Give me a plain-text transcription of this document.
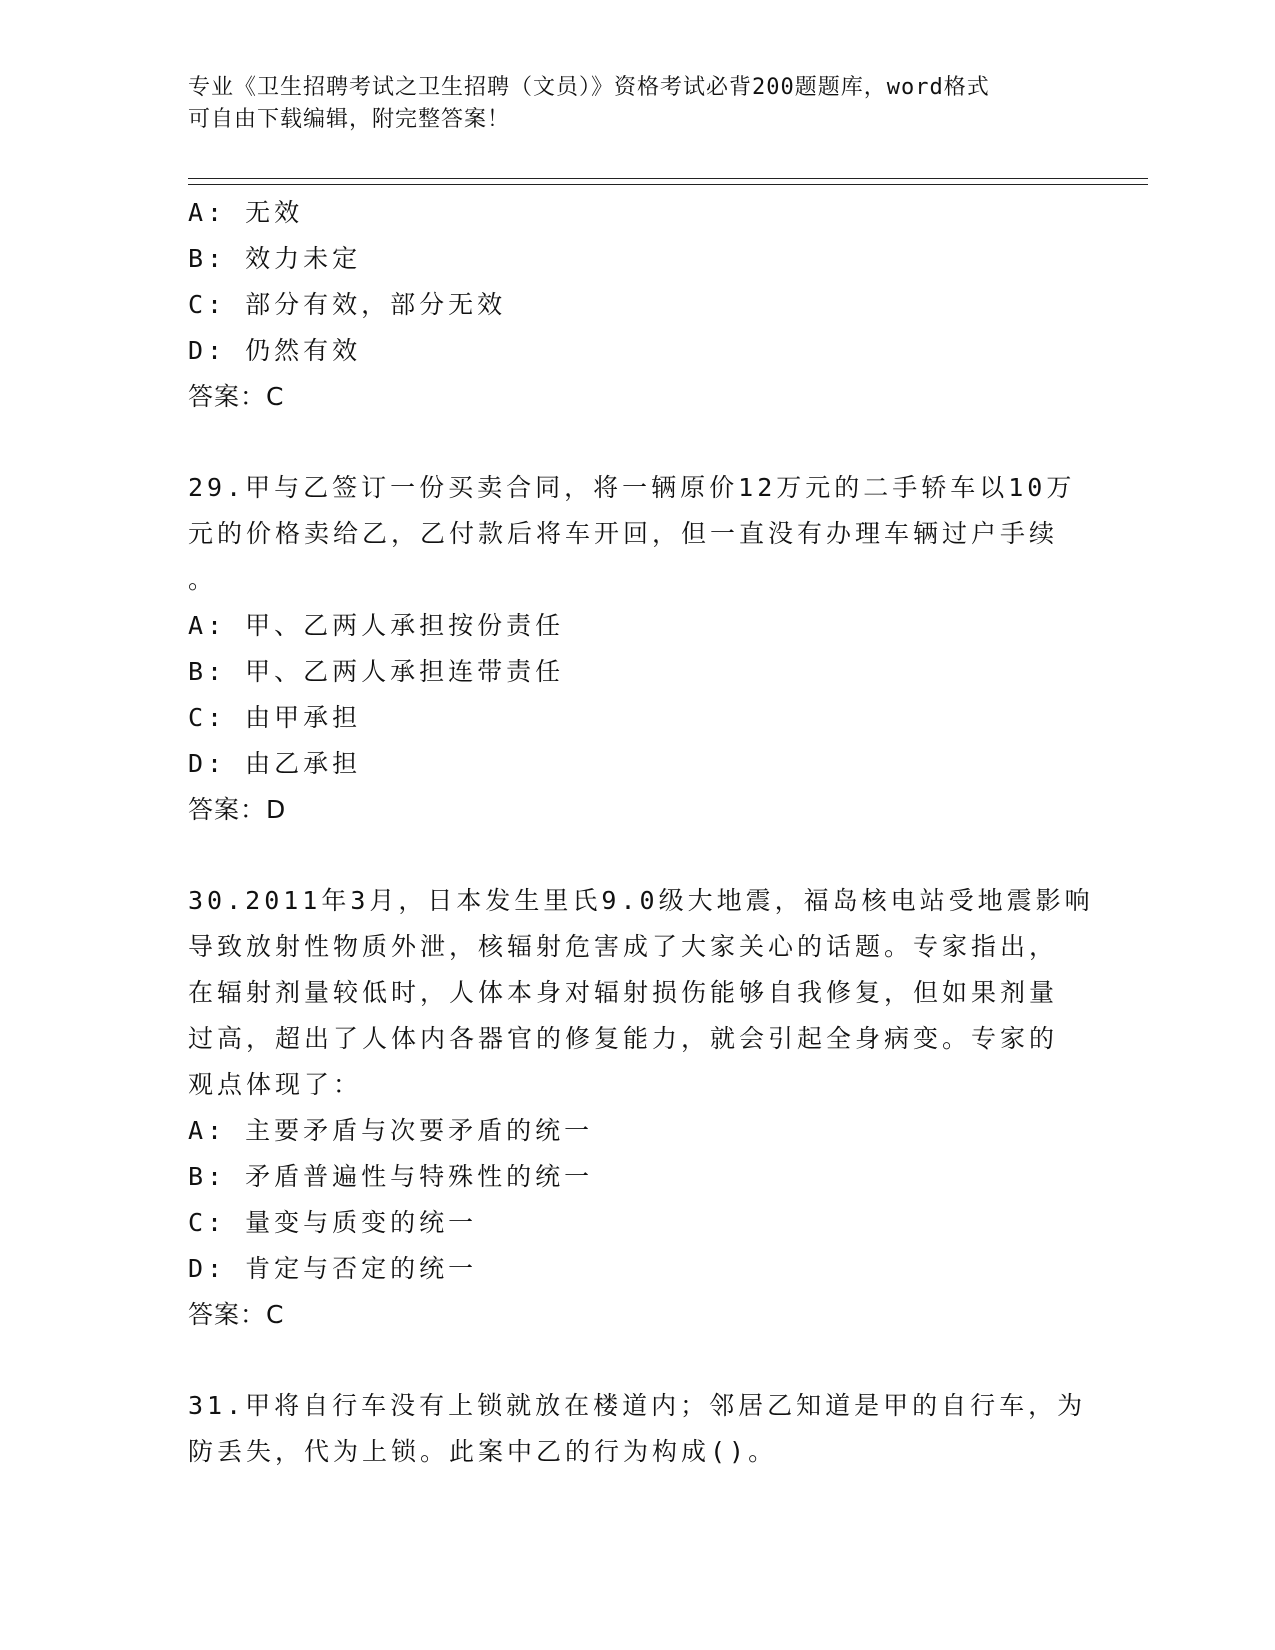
专业《卫生招聘考试之卫生招聘（文员）》资格考试必背200题题库，word格式
可自由下载编辑，附完整答案！
A: 无效
B: 效力未定
C: 部分有效，部分无效
D: 仍然有效
答案：C
29.甲与乙签订一份买卖合同，将一辆原价12万元的二手轿车以10万
元的价格卖给乙，乙付款后将车开回，但一直没有办理车辆过户手续
。
A: 甲、乙两人承担按份责任
B: 甲、乙两人承担连带责任
C: 由甲承担
D: 由乙承担
答案：D
30.2011年3月，日本发生里氏9.0级大地震，福岛核电站受地震影响
导致放射性物质外泄，核辐射危害成了大家关心的话题。专家指出，
在辐射剂量较低时，人体本身对辐射损伤能够自我修复，但如果剂量
过高，超出了人体内各器官的修复能力，就会引起全身病变。专家的
观点体现了：
A: 主要矛盾与次要矛盾的统一
B: 矛盾普遍性与特殊性的统一
C: 量变与质变的统一
D: 肯定与否定的统一
答案：C
31.甲将自行车没有上锁就放在楼道内；邻居乙知道是甲的自行车，为
防丢失，代为上锁。此案中乙的行为构成()。
